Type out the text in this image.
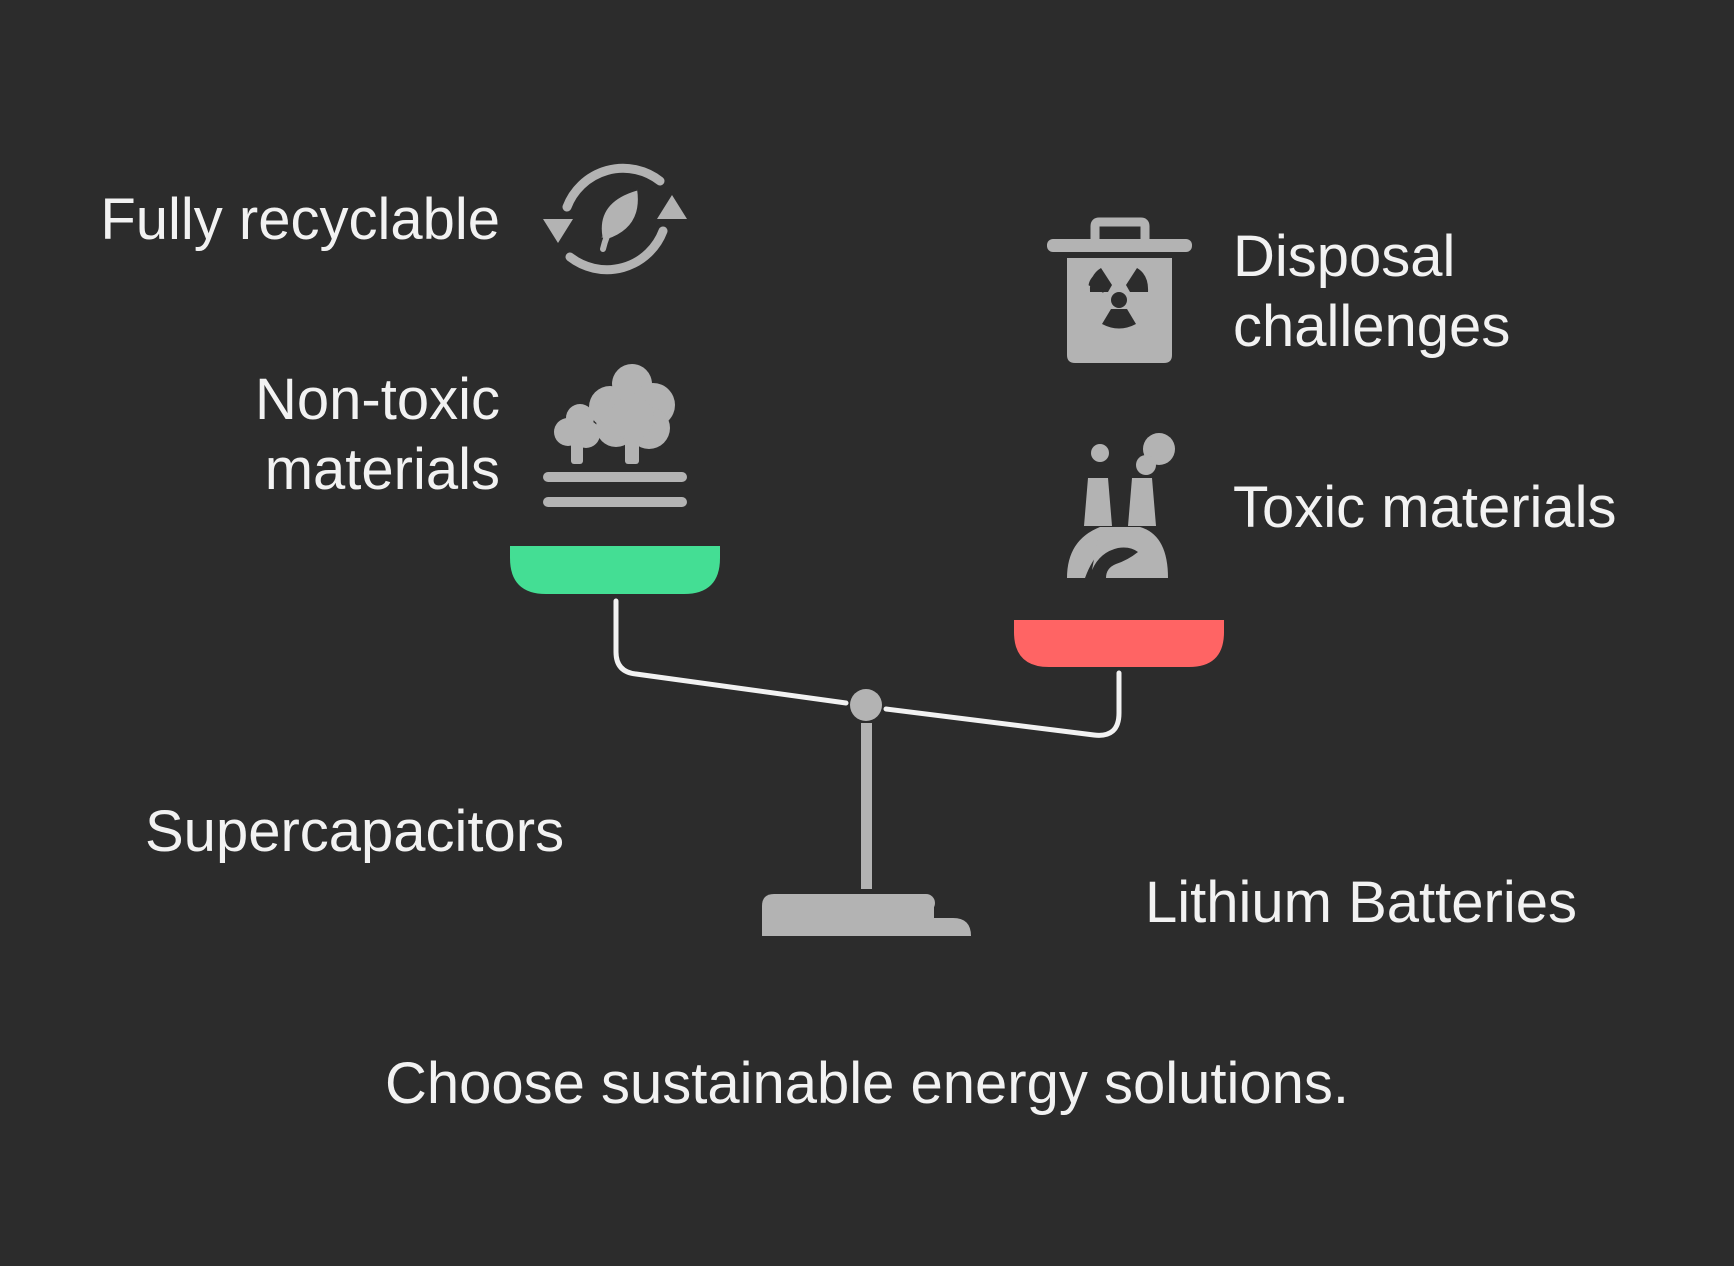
Fully recyclable
Non-toxic
materials
Disposal
challenges
Toxic materials
Supercapacitors
Lithium Batteries
Choose sustainable energy solutions.
